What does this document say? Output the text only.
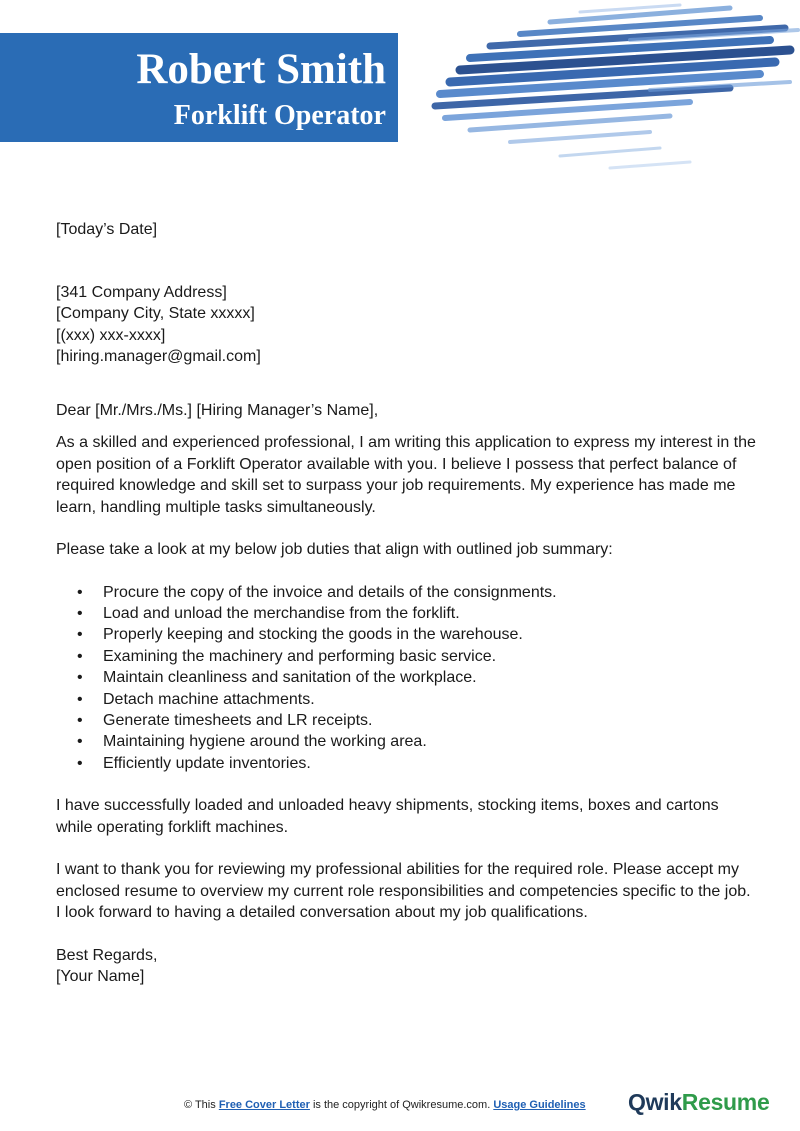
Robert Smith
Forklift Operator

[Today’s Date]

[341 Company Address]
[Company City, State xxxxx]
[(xxx) xxx-xxxx]
[hiring.manager@gmail.com]

Dear [Mr./Mrs./Ms.] [Hiring Manager’s Name],

As a skilled and experienced professional, I am writing this application to express my interest in the open position of a Forklift Operator available with you. I believe I possess that perfect balance of required knowledge and skill set to surpass your job requirements. My experience has made me learn, handling multiple tasks simultaneously.

Please take a look at my below job duties that align with outlined job summary:

• Procure the copy of the invoice and details of the consignments.
• Load and unload the merchandise from the forklift.
• Properly keeping and stocking the goods in the warehouse.
• Examining the machinery and performing basic service.
• Maintain cleanliness and sanitation of the workplace.
• Detach machine attachments.
• Generate timesheets and LR receipts.
• Maintaining hygiene around the working area.
• Efficiently update inventories.

I have successfully loaded and unloaded heavy shipments, stocking items, boxes and cartons while operating forklift machines.

I want to thank you for reviewing my professional abilities for the required role. Please accept my enclosed resume to overview my current role responsibilities and competencies specific to the job. I look forward to having a detailed conversation about my job qualifications.

Best Regards,
[Your Name]
© This Free Cover Letter is the copyright of Qwikresume.com. Usage Guidelines QwikResume
